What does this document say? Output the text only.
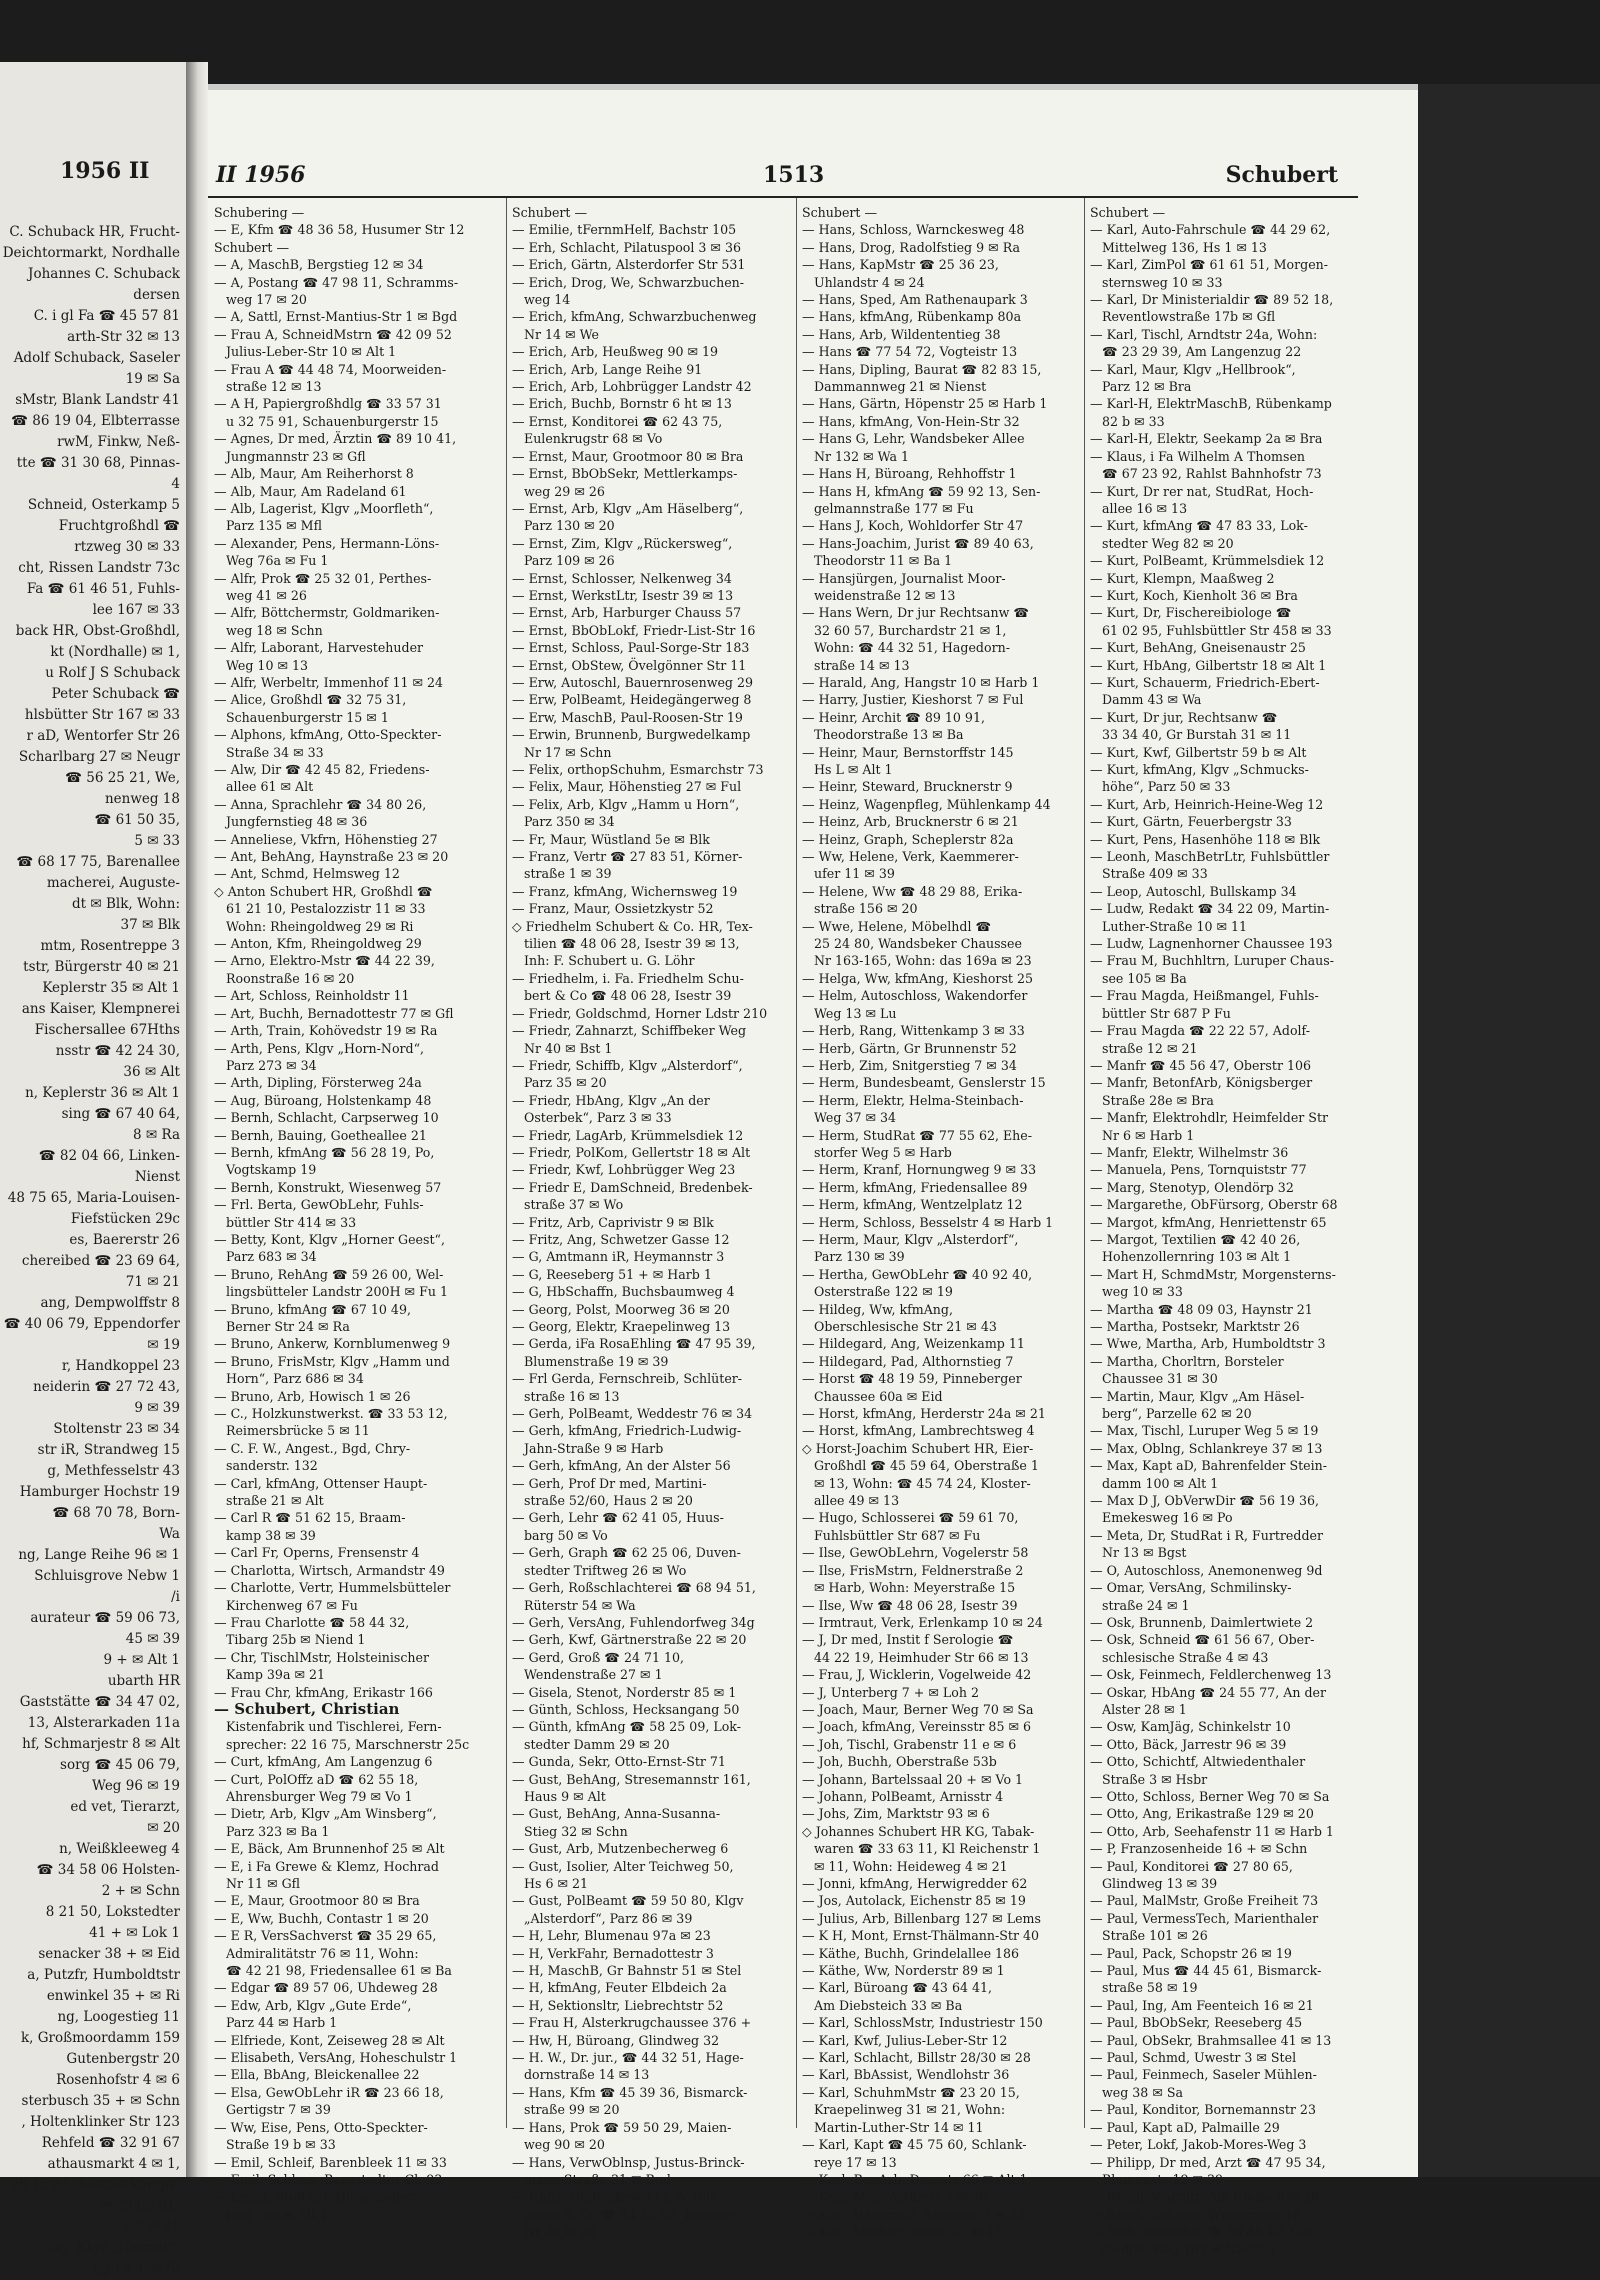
1956 II
C. Schuback HR, Frucht-
Deichtormarkt, Nordhalle
Johannes C. Schuback
dersen
C. i gl Fa ☎ 45 57 81
arth-Str 32 ✉ 13
Adolf Schuback, Saseler
19 ✉ Sa
sMstr, Blank Landstr 41
☎ 86 19 04, Elbterrasse
rwM, Finkw, Neß-
tte ☎ 31 30 68, Pinnas-
4
Schneid, Osterkamp 5
Fruchtgroßhdl ☎
rtzweg 30 ✉ 33
cht, Rissen Landstr 73c
Fa ☎ 61 46 51, Fuhls-
lee 167 ✉ 33
back HR, Obst-Großhdl,
kt (Nordhalle) ✉ 1,
u Rolf J S Schuback
Peter Schuback ☎
hlsbütter Str 167 ✉ 33
r aD, Wentorfer Str 26
Scharlbarg 27 ✉ Neugr
☎ 56 25 21, We,
nenweg 18
☎ 61 50 35,
5 ✉ 33
☎ 68 17 75, Barenallee
macherei, Auguste-
dt ✉ Blk, Wohn:
37 ✉ Blk
mtm, Rosentreppe 3
tstr, Bürgerstr 40 ✉ 21
Keplerstr 35 ✉ Alt 1
ans Kaiser, Klempnerei
Fischersallee 67Hths
nsstr ☎ 42 24 30,
36 ✉ Alt
n, Keplerstr 36 ✉ Alt 1
sing ☎ 67 40 64,
8 ✉ Ra
☎ 82 04 66, Linken-
Nienst
48 75 65, Maria-Louisen-
Fiefstücken 29c
es, Baererstr 26
chereibed ☎ 23 69 64,
71 ✉ 21
ang, Dempwolffstr 8
☎ 40 06 79, Eppendorfer
✉ 19
r, Handkoppel 23
neiderin ☎ 27 72 43,
9 ✉ 39
Stoltenstr 23 ✉ 34
str iR, Strandweg 15
g, Methfesselstr 43
Hamburger Hochstr 19
☎ 68 70 78, Born-
Wa
ng, Lange Reihe 96 ✉ 1
Schluisgrove Nebw 1
/i
aurateur ☎ 59 06 73,
45 ✉ 39
9 + ✉ Alt 1
ubarth HR
Gaststätte ☎ 34 47 02,
13, Alsterarkaden 11a
hf, Schmarjestr 8 ✉ Alt
sorg ☎ 45 06 79,
Weg 96 ✉ 19
ed vet, Tierarzt,
✉ 20
n, Weißkleeweg 4
☎ 34 58 06 Holsten-
2 + ✉ Schn
8 21 50, Lokstedter
41 + ✉ Lok 1
senacker 38 + ✉ Eid
a, Putzfr, Humboldtstr
enwinkel 35 + ✉ Ri
ng, Loogestieg 11
k, Großmoordamm 159
Gutenbergstr 20
Rosenhofstr 4 ✉ 6
sterbusch 35 + ✉ Schn
, Holtenklinker Str 123
Rehfeld ☎ 32 91 67
athausmarkt 4 ✉ 1,
26 15 81, Mettlerkamps-
✉ 23 05 91,
r 2 ✉ 21
ag, Klgv „Heimat“,
eg 14 + ✉ Si
II 1956	1513	Schubert
Schubering —
— E, Kfm ☎ 48 36 58, Husumer Str 12
Schubert —
— A, MaschB, Bergstieg 12 ✉ 34
— A, Postang ☎ 47 98 11, Schramms-
weg 17 ✉ 20
— A, Sattl, Ernst-Mantius-Str 1 ✉ Bgd
— Frau A, SchneidMstrn ☎ 42 09 52
Julius-Leber-Str 10 ✉ Alt 1
— Frau A ☎ 44 48 74, Moorweiden-
straße 12 ✉ 13
— A H, Papiergroßhdlg ☎ 33 57 31
u 32 75 91, Schauenburgerstr 15
— Agnes, Dr med, Ärztin ☎ 89 10 41,
Jungmannstr 23 ✉ Gfl
— Alb, Maur, Am Reiherhorst 8
— Alb, Maur, Am Radeland 61
— Alb, Lagerist, Klgv „Moorfleth“,
Parz 135 ✉ Mfl
— Alexander, Pens, Hermann-Löns-
Weg 76a ✉ Fu 1
— Alfr, Prok ☎ 25 32 01, Perthes-
weg 41 ✉ 26
— Alfr, Böttchermstr, Goldmariken-
weg 18 ✉ Schn
— Alfr, Laborant, Harvestehuder
Weg 10 ✉ 13
— Alfr, Werbeltr, Immenhof 11 ✉ 24
— Alice, Großhdl ☎ 32 75 31,
Schauenburgerstr 15 ✉ 1
— Alphons, kfmAng, Otto-Speckter-
Straße 34 ✉ 33
— Alw, Dir ☎ 42 45 82, Friedens-
allee 61 ✉ Alt
— Anna, Sprachlehr ☎ 34 80 26,
Jungfernstieg 48 ✉ 36
— Anneliese, Vkfrn, Höhenstieg 27
— Ant, BehAng, Haynstraße 23 ✉ 20
— Ant, Schmd, Helmsweg 12
◇ Anton Schubert HR, Großhdl ☎
61 21 10, Pestalozzistr 11 ✉ 33
Wohn: Rheingoldweg 29 ✉ Ri
— Anton, Kfm, Rheingoldweg 29
— Arno, Elektro-Mstr ☎ 44 22 39,
Roonstraße 16 ✉ 20
— Art, Schloss, Reinholdstr 11
— Art, Buchh, Bernadottestr 77 ✉ Gfl
— Arth, Train, Kohövedstr 19 ✉ Ra
— Arth, Pens, Klgv „Horn-Nord“,
Parz 273 ✉ 34
— Arth, Dipling, Försterweg 24a
— Aug, Büroang, Holstenkamp 48
— Bernh, Schlacht, Carpserweg 10
— Bernh, Bauing, Goetheallee 21
— Bernh, kfmAng ☎ 56 28 19, Po,
Vogtskamp 19
— Bernh, Konstrukt, Wiesenweg 57
— Frl. Berta, GewObLehr, Fuhls-
büttler Str 414 ✉ 33
— Betty, Kont, Klgv „Horner Geest“,
Parz 683 ✉ 34
— Bruno, RehAng ☎ 59 26 00, Wel-
lingsbütteler Landstr 200H ✉ Fu 1
— Bruno, kfmAng ☎ 67 10 49,
Berner Str 24 ✉ Ra
— Bruno, Ankerw, Kornblumenweg 9
— Bruno, FrisMstr, Klgv „Hamm und
Horn“, Parz 686 ✉ 34
— Bruno, Arb, Howisch 1 ✉ 26
— C., Holzkunstwerkst. ☎ 33 53 12,
Reimersbrücke 5 ✉ 11
— C. F. W., Angest., Bgd, Chry-
sanderstr. 132
— Carl, kfmAng, Ottenser Haupt-
straße 21 ✉ Alt
— Carl R ☎ 51 62 15, Braam-
kamp 38 ✉ 39
— Carl Fr, Operns, Frensenstr 4
— Charlotta, Wirtsch, Armandstr 49
— Charlotte, Vertr, Hummelsbütteler
Kirchenweg 67 ✉ Fu
— Frau Charlotte ☎ 58 44 32,
Tibarg 25b ✉ Niend 1
— Chr, TischlMstr, Holsteinischer
Kamp 39a ✉ 21
— Frau Chr, kfmAng, Erikastr 166
— Schubert, Christian
Kistenfabrik und Tischlerei, Fern-
sprecher: 22 16 75, Marschnerstr 25c
— Curt, kfmAng, Am Langenzug 6
— Curt, PolOffz aD ☎ 62 55 18,
Ahrensburger Weg 79 ✉ Vo 1
— Dietr, Arb, Klgv „Am Winsberg“,
Parz 323 ✉ Ba 1
— E, Bäck, Am Brunnenhof 25 ✉ Alt
— E, i Fa Grewe & Klemz, Hochrad
Nr 11 ✉ Gfl
— E, Maur, Grootmoor 80 ✉ Bra
— E, Ww, Buchh, Contastr 1 ✉ 20
— E R, VersSachverst ☎ 35 29 65,
Admiralitätstr 76 ✉ 11, Wohn:
☎ 42 21 98, Friedensallee 61 ✉ Ba
— Edgar ☎ 89 57 06, Uhdeweg 28
— Edw, Arb, Klgv „Gute Erde“,
Parz 44 ✉ Harb 1
— Elfriede, Kont, Zeiseweg 28 ✉ Alt
— Elisabeth, VersAng, Hoheschulstr 1
— Ella, BbAng, Bleickenallee 22
— Elsa, GewObLehr iR ☎ 23 66 18,
Gertigstr 7 ✉ 39
— Ww, Eise, Pens, Otto-Speckter-
Straße 19 b ✉ 33
— Emil, Schleif, Barenbleek 11 ✉ 33
— Emil, Schloss, Bergstedter Ch 93
— Emila, StudRat, Hohenzollern-
ring 76c ✉ Alt 1
Schubert —
— Emilie, tFernmHelf, Bachstr 105
— Erh, Schlacht, Pilatuspool 3 ✉ 36
— Erich, Gärtn, Alsterdorfer Str 531
— Erich, Drog, We, Schwarzbuchen-
weg 14
— Erich, kfmAng, Schwarzbuchenweg
Nr 14 ✉ We
— Erich, Arb, Heußweg 90 ✉ 19
— Erich, Arb, Lange Reihe 91
— Erich, Arb, Lohbrügger Landstr 42
— Erich, Buchb, Bornstr 6 ht ✉ 13
— Ernst, Konditorei ☎ 62 43 75,
Eulenkrugstr 68 ✉ Vo
— Ernst, Maur, Grootmoor 80 ✉ Bra
— Ernst, BbObSekr, Mettlerkamps-
weg 29 ✉ 26
— Ernst, Arb, Klgv „Am Häselberg“,
Parz 130 ✉ 20
— Ernst, Zim, Klgv „Rückersweg“,
Parz 109 ✉ 26
— Ernst, Schlosser, Nelkenweg 34
— Ernst, WerkstLtr, Isestr 39 ✉ 13
— Ernst, Arb, Harburger Chauss 57
— Ernst, BbObLokf, Friedr-List-Str 16
— Ernst, Schloss, Paul-Sorge-Str 183
— Ernst, ObStew, Övelgönner Str 11
— Erw, Autoschl, Bauernrosenweg 29
— Erw, PolBeamt, Heidegängerweg 8
— Erw, MaschB, Paul-Roosen-Str 19
— Erwin, Brunnenb, Burgwedelkamp
Nr 17 ✉ Schn
— Felix, orthopSchuhm, Esmarchstr 73
— Felix, Maur, Höhenstieg 27 ✉ Ful
— Felix, Arb, Klgv „Hamm u Horn“,
Parz 350 ✉ 34
— Fr, Maur, Wüstland 5e ✉ Blk
— Franz, Vertr ☎ 27 83 51, Körner-
straße 1 ✉ 39
— Franz, kfmAng, Wichernsweg 19
— Franz, Maur, Ossietzkystr 52
◇ Friedhelm Schubert & Co. HR, Tex-
tilien ☎ 48 06 28, Isestr 39 ✉ 13,
Inh: F. Schubert u. G. Löhr
— Friedhelm, i. Fa. Friedhelm Schu-
bert & Co ☎ 48 06 28, Isestr 39
— Friedr, Goldschmd, Horner Ldstr 210
— Friedr, Zahnarzt, Schiffbeker Weg
Nr 40 ✉ Bst 1
— Friedr, Schiffb, Klgv „Alsterdorf“,
Parz 35 ✉ 20
— Friedr, HbAng, Klgv „An der
Osterbek“, Parz 3 ✉ 33
— Friedr, LagArb, Krümmelsdiek 12
— Friedr, PolKom, Gellertstr 18 ✉ Alt
— Friedr, Kwf, Lohbrügger Weg 23
— Friedr E, DamSchneid, Bredenbek-
straße 37 ✉ Wo
— Fritz, Arb, Caprivistr 9 ✉ Blk
— Fritz, Ang, Schwetzer Gasse 12
— G, Amtmann iR, Heymannstr 3
— G, Reeseberg 51 + ✉ Harb 1
— G, HbSchaffn, Buchsbaumweg 4
— Georg, Polst, Moorweg 36 ✉ 20
— Georg, Elektr, Kraepelinweg 13
— Gerda, iFa RosaEhling ☎ 47 95 39,
Blumenstraße 19 ✉ 39
— Frl Gerda, Fernschreib, Schlüter-
straße 16 ✉ 13
— Gerh, PolBeamt, Weddestr 76 ✉ 34
— Gerh, kfmAng, Friedrich-Ludwig-
Jahn-Straße 9 ✉ Harb
— Gerh, kfmAng, An der Alster 56
— Gerh, Prof Dr med, Martini-
straße 52/60, Haus 2 ✉ 20
— Gerh, Lehr ☎ 62 41 05, Huus-
barg 50 ✉ Vo
— Gerh, Graph ☎ 62 25 06, Duven-
stedter Triftweg 26 ✉ Wo
— Gerh, Roßschlachterei ☎ 68 94 51,
Rüterstr 54 ✉ Wa
— Gerh, VersAng, Fuhlendorfweg 34g
— Gerh, Kwf, Gärtnerstraße 22 ✉ 20
— Gerd, Groß ☎ 24 71 10,
Wendenstraße 27 ✉ 1
— Gisela, Stenot, Norderstr 85 ✉ 1
— Günth, Schloss, Hecksangang 50
— Günth, kfmAng ☎ 58 25 09, Lok-
stedter Damm 29 ✉ 20
— Gunda, Sekr, Otto-Ernst-Str 71
— Gust, BehAng, Stresemannstr 161,
Haus 9 ✉ Alt
— Gust, BehAng, Anna-Susanna-
Stieg 32 ✉ Schn
— Gust, Arb, Mutzenbecherweg 6
— Gust, Isolier, Alter Teichweg 50,
Hs 6 ✉ 21
— Gust, PolBeamt ☎ 59 50 80, Klgv
„Alsterdorf“, Parz 86 ✉ 39
— H, Lehr, Blumenau 97a ✉ 23
— H, VerkFahr, Bernadottestr 3
— H, MaschB, Gr Bahnstr 51 ✉ Stel
— H, kfmAng, Feuter Elbdeich 2a
— H, Sektionsltr, Liebrechtstr 52
— Frau H, Alsterkrugchaussee 376 +
— Hw, H, Büroang, Glindweg 32
— H. W., Dr. jur., ☎ 44 32 51, Hage-
dornstraße 14 ✉ 13
— Hans, Kfm ☎ 45 39 36, Bismarck-
straße 99 ✉ 20
— Hans, Prok ☎ 59 50 29, Maien-
weg 90 ✉ 20
— Hans, VerwOblnsp, Justus-Brinck-
mann-Straße 31 ✉ Bgd
— Hans, DiplVolksw, i Fa W Toll-
greve & Co ☎ 44 40 89, Roonstr
Nr 26 ✉ 20
Schubert —
— Hans, Schloss, Warnckesweg 48
— Hans, Drog, Radolfstieg 9 ✉ Ra
— Hans, KapMstr ☎ 25 36 23,
Uhlandstr 4 ✉ 24
— Hans, Sped, Am Rathenaupark 3
— Hans, kfmAng, Rübenkamp 80a
— Hans, Arb, Wildententieg 38
— Hans ☎ 77 54 72, Vogteistr 13
— Hans, Dipling, Baurat ☎ 82 83 15,
Dammannweg 21 ✉ Nienst
— Hans, Gärtn, Höpenstr 25 ✉ Harb 1
— Hans, kfmAng, Von-Hein-Str 32
— Hans G, Lehr, Wandsbeker Allee
Nr 132 ✉ Wa 1
— Hans H, Büroang, Rehhoffstr 1
— Hans H, kfmAng ☎ 59 92 13, Sen-
gelmannstraße 177 ✉ Fu
— Hans J, Koch, Wohldorfer Str 47
— Hans-Joachim, Jurist ☎ 89 40 63,
Theodorstr 11 ✉ Ba 1
— Hansjürgen, Journalist Moor-
weidenstraße 12 ✉ 13
— Hans Wern, Dr jur Rechtsanw ☎
32 60 57, Burchardstr 21 ✉ 1,
Wohn: ☎ 44 32 51, Hagedorn-
straße 14 ✉ 13
— Harald, Ang, Hangstr 10 ✉ Harb 1
— Harry, Justier, Kieshorst 7 ✉ Ful
— Heinr, Archit ☎ 89 10 91,
Theodorstraße 13 ✉ Ba
— Heinr, Maur, Bernstorffstr 145
Hs L ✉ Alt 1
— Heinr, Steward, Brucknerstr 9
— Heinz, Wagenpfleg, Mühlenkamp 44
— Heinz, Arb, Brucknerstr 6 ✉ 21
— Heinz, Graph, Scheplerstr 82a
— Ww, Helene, Verk, Kaemmerer-
ufer 11 ✉ 39
— Helene, Ww ☎ 48 29 88, Erika-
straße 156 ✉ 20
— Wwe, Helene, Möbelhdl ☎
25 24 80, Wandsbeker Chaussee
Nr 163-165, Wohn: das 169a ✉ 23
— Helga, Ww, kfmAng, Kieshorst 25
— Helm, Autoschloss, Wakendorfer
Weg 13 ✉ Lu
— Herb, Rang, Wittenkamp 3 ✉ 33
— Herb, Gärtn, Gr Brunnenstr 52
— Herb, Zim, Snitgerstieg 7 ✉ 34
— Herm, Bundesbeamt, Genslerstr 15
— Herm, Elektr, Helma-Steinbach-
Weg 37 ✉ 34
— Herm, StudRat ☎ 77 55 62, Ehe-
storfer Weg 5 ✉ Harb
— Herm, Kranf, Hornungweg 9 ✉ 33
— Herm, kfmAng, Friedensallee 89
— Herm, kfmAng, Wentzelplatz 12
— Herm, Schloss, Besselstr 4 ✉ Harb 1
— Herm, Maur, Klgv „Alsterdorf“,
Parz 130 ✉ 39
— Hertha, GewObLehr ☎ 40 92 40,
Osterstraße 122 ✉ 19
— Hildeg, Ww, kfmAng,
Oberschlesische Str 21 ✉ 43
— Hildegard, Ang, Weizenkamp 11
— Hildegard, Pad, Althornstieg 7
— Horst ☎ 48 19 59, Pinneberger
Chaussee 60a ✉ Eid
— Horst, kfmAng, Herderstr 24a ✉ 21
— Horst, kfmAng, Lambrechtsweg 4
◇ Horst-Joachim Schubert HR, Eier-
Großhdl ☎ 45 59 64, Oberstraße 1
✉ 13, Wohn: ☎ 45 74 24, Kloster-
allee 49 ✉ 13
— Hugo, Schlosserei ☎ 59 61 70,
Fuhlsbüttler Str 687 ✉ Fu
— Ilse, GewObLehrn, Vogelerstr 58
— Ilse, FrisMstrn, Feldnerstraße 2
✉ Harb, Wohn: Meyerstraße 15
— Ilse, Ww ☎ 48 06 28, Isestr 39
— Irmtraut, Verk, Erlenkamp 10 ✉ 24
— J, Dr med, Instit f Serologie ☎
44 22 19, Heimhuder Str 66 ✉ 13
— Frau, J, Wicklerin, Vogelweide 42
— J, Unterberg 7 + ✉ Loh 2
— Joach, Maur, Berner Weg 70 ✉ Sa
— Joach, kfmAng, Vereinsstr 85 ✉ 6
— Joh, Tischl, Grabenstr 11 e ✉ 6
— Joh, Buchh, Oberstraße 53b
— Johann, Bartelssaal 20 + ✉ Vo 1
— Johann, PolBeamt, Arnisstr 4
— Johs, Zim, Marktstr 93 ✉ 6
◇ Johannes Schubert HR KG, Tabak-
waren ☎ 33 63 11, Kl Reichenstr 1
✉ 11, Wohn: Heideweg 4 ✉ 21
— Jonni, kfmAng, Herwigredder 62
— Jos, Autolack, Eichenstr 85 ✉ 19
— Julius, Arb, Billenbarg 127 ✉ Lems
— K H, Mont, Ernst-Thälmann-Str 40
— Käthe, Buchh, Grindelallee 186
— Käthe, Ww, Norderstr 89 ✉ 1
— Karl, Büroang ☎ 43 64 41,
Am Diebsteich 33 ✉ Ba
— Karl, SchlossMstr, Industriestr 150
— Karl, Kwf, Julius-Leber-Str 12
— Karl, Schlacht, Billstr 28/30 ✉ 28
— Karl, BbAssist, Wendlohstr 36
— Karl, SchuhmMstr ☎ 23 20 15,
Kraepelinweg 31 ✉ 21, Wohn:
Martin-Luther-Str 14 ✉ 11
— Karl, Kapt ☎ 45 75 60, Schlank-
reye 17 ✉ 13
— Karl, BauArb, Dosestr 66 ✉ Alt 1
— Karl, Mus, Arturstr 7 ✉ 26
— Karl, Hausmstr, Angerstr 7 ✉ 24
— Karl, kfmAng, Isestr 57 ✉ 13
Schubert —
— Karl, Auto-Fahrschule ☎ 44 29 62,
Mittelweg 136, Hs 1 ✉ 13
— Karl, ZimPol ☎ 61 61 51, Morgen-
sternsweg 10 ✉ 33
— Karl, Dr Ministerialdir ☎ 89 52 18,
Reventlowstraße 17b ✉ Gfl
— Karl, Tischl, Arndtstr 24a, Wohn:
☎ 23 29 39, Am Langenzug 22
— Karl, Maur, Klgv „Hellbrook“,
Parz 12 ✉ Bra
— Karl-H, ElektrMaschB, Rübenkamp
82 b ✉ 33
— Karl-H, Elektr, Seekamp 2a ✉ Bra
— Klaus, i Fa Wilhelm A Thomsen
☎ 67 23 92, Rahlst Bahnhofstr 73
— Kurt, Dr rer nat, StudRat, Hoch-
allee 16 ✉ 13
— Kurt, kfmAng ☎ 47 83 33, Lok-
stedter Weg 82 ✉ 20
— Kurt, PolBeamt, Krümmelsdiek 12
— Kurt, Klempn, Maaßweg 2
— Kurt, Koch, Kienholt 36 ✉ Bra
— Kurt, Dr, Fischereibiologe ☎
61 02 95, Fuhlsbüttler Str 458 ✉ 33
— Kurt, BehAng, Gneisenaustr 25
— Kurt, HbAng, Gilbertstr 18 ✉ Alt 1
— Kurt, Schauerm, Friedrich-Ebert-
Damm 43 ✉ Wa
— Kurt, Dr jur, Rechtsanw ☎
33 34 40, Gr Burstah 31 ✉ 11
— Kurt, Kwf, Gilbertstr 59 b ✉ Alt
— Kurt, kfmAng, Klgv „Schmucks-
höhe“, Parz 50 ✉ 33
— Kurt, Arb, Heinrich-Heine-Weg 12
— Kurt, Gärtn, Feuerbergstr 33
— Kurt, Pens, Hasenhöhe 118 ✉ Blk
— Leonh, MaschBetrLtr, Fuhlsbüttler
Straße 409 ✉ 33
— Leop, Autoschl, Bullskamp 34
— Ludw, Redakt ☎ 34 22 09, Martin-
Luther-Straße 10 ✉ 11
— Ludw, Lagnenhorner Chaussee 193
— Frau M, Buchhltrn, Luruper Chaus-
see 105 ✉ Ba
— Frau Magda, Heißmangel, Fuhls-
büttler Str 687 P Fu
— Frau Magda ☎ 22 22 57, Adolf-
straße 12 ✉ 21
— Manfr ☎ 45 56 47, Oberstr 106
— Manfr, BetonfArb, Königsberger
Straße 28e ✉ Bra
— Manfr, Elektrohdlr, Heimfelder Str
Nr 6 ✉ Harb 1
— Manfr, Elektr, Wilhelmstr 36
— Manuela, Pens, Tornquiststr 77
— Marg, Stenotyp, Olendörp 32
— Margarethe, ObFürsorg, Oberstr 68
— Margot, kfmAng, Henriettenstr 65
— Margot, Textilien ☎ 42 40 26,
Hohenzollernring 103 ✉ Alt 1
— Mart H, SchmdMstr, Morgensterns-
weg 10 ✉ 33
— Martha ☎ 48 09 03, Haynstr 21
— Martha, Postsekr, Marktstr 26
— Wwe, Martha, Arb, Humboldtstr 3
— Martha, Chorltrn, Borsteler
Chaussee 31 ✉ 30
— Martin, Maur, Klgv „Am Häsel-
berg“, Parzelle 62 ✉ 20
— Max, Tischl, Luruper Weg 5 ✉ 19
— Max, Oblng, Schlankreye 37 ✉ 13
— Max, Kapt aD, Bahrenfelder Stein-
damm 100 ✉ Alt 1
— Max D J, ObVerwDir ☎ 56 19 36,
Emekesweg 16 ✉ Po
— Meta, Dr, StudRat i R, Furtredder
Nr 13 ✉ Bgst
— O, Autoschloss, Anemonenweg 9d
— Omar, VersAng, Schmilinsky-
straße 24 ✉ 1
— Osk, Brunnenb, Daimlertwiete 2
— Osk, Schneid ☎ 61 56 67, Ober-
schlesische Straße 4 ✉ 43
— Osk, Feinmech, Feldlerchenweg 13
— Oskar, HbAng ☎ 24 55 77, An der
Alster 28 ✉ 1
— Osw, KamJäg, Schinkelstr 10
— Otto, Bäck, Jarrestr 96 ✉ 39
— Otto, Schichtf, Altwiedenthaler
Straße 3 ✉ Hsbr
— Otto, Schloss, Berner Weg 70 ✉ Sa
— Otto, Ang, Erikastraße 129 ✉ 20
— Otto, Arb, Seehafenstr 11 ✉ Harb 1
— P, Franzosenheide 16 + ✉ Schn
— Paul, Konditorei ☎ 27 80 65,
Glindweg 13 ✉ 39
— Paul, MalMstr, Große Freiheit 73
— Paul, VermessTech, Marienthaler
Straße 101 ✉ 26
— Paul, Pack, Schopstr 26 ✉ 19
— Paul, Mus ☎ 44 45 61, Bismarck-
straße 58 ✉ 19
— Paul, Ing, Am Feenteich 16 ✉ 21
— Paul, BbObSekr, Reeseberg 45
— Paul, ObSekr, Brahmsallee 41 ✉ 13
— Paul, Schmd, Uwestr 3 ✉ Stel
— Paul, Feinmech, Saseler Mühlen-
weg 38 ✉ Sa
— Paul, Konditor, Bornemannstr 23
— Paul, Kapt aD, Palmaille 29
— Peter, Lokf, Jakob-Mores-Weg 3
— Philipp, Dr med, Arzt ☎ 47 95 34,
Blumenstr 19 ✉ 39
— Reinh, Wachltr, Am Gleise 8 ✉ 28
— Reinh, Schloss, Wiesenweg 16
— Rich, Isolierbtr ☎ 58 48 47, Gar-
stedter Weg 161 ✉ Niend 1
